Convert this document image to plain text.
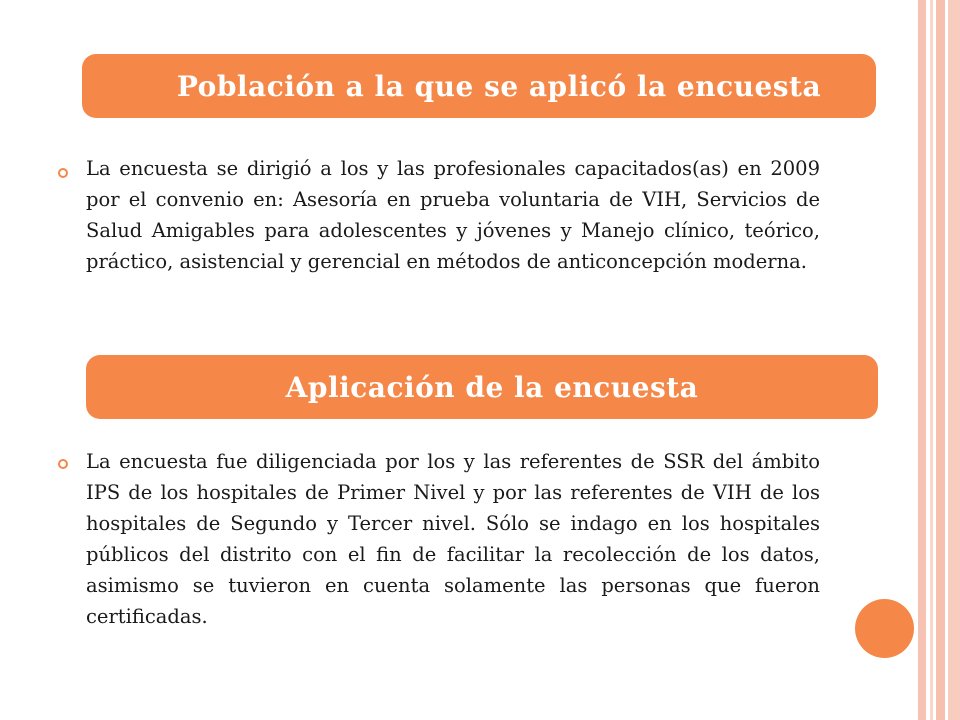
Población a la que se aplicó la encuesta

La encuesta se dirigió a los y las profesionales capacitados(as) en 2009 por el convenio en: Asesoría en prueba voluntaria de VIH, Servicios de Salud Amigables para adolescentes y jóvenes y Manejo clínico, teórico, práctico, asistencial y gerencial en métodos de anticoncepción moderna.

Aplicación de la encuesta

La encuesta fue diligenciada por los y las referentes de SSR del ámbito IPS de los hospitales de Primer Nivel y por las referentes de VIH de los hospitales de Segundo y Tercer nivel. Sólo se indago en los hospitales públicos del distrito con el fin de facilitar la recolección de los datos, asimismo se tuvieron en cuenta solamente las personas que fueron certificadas.
